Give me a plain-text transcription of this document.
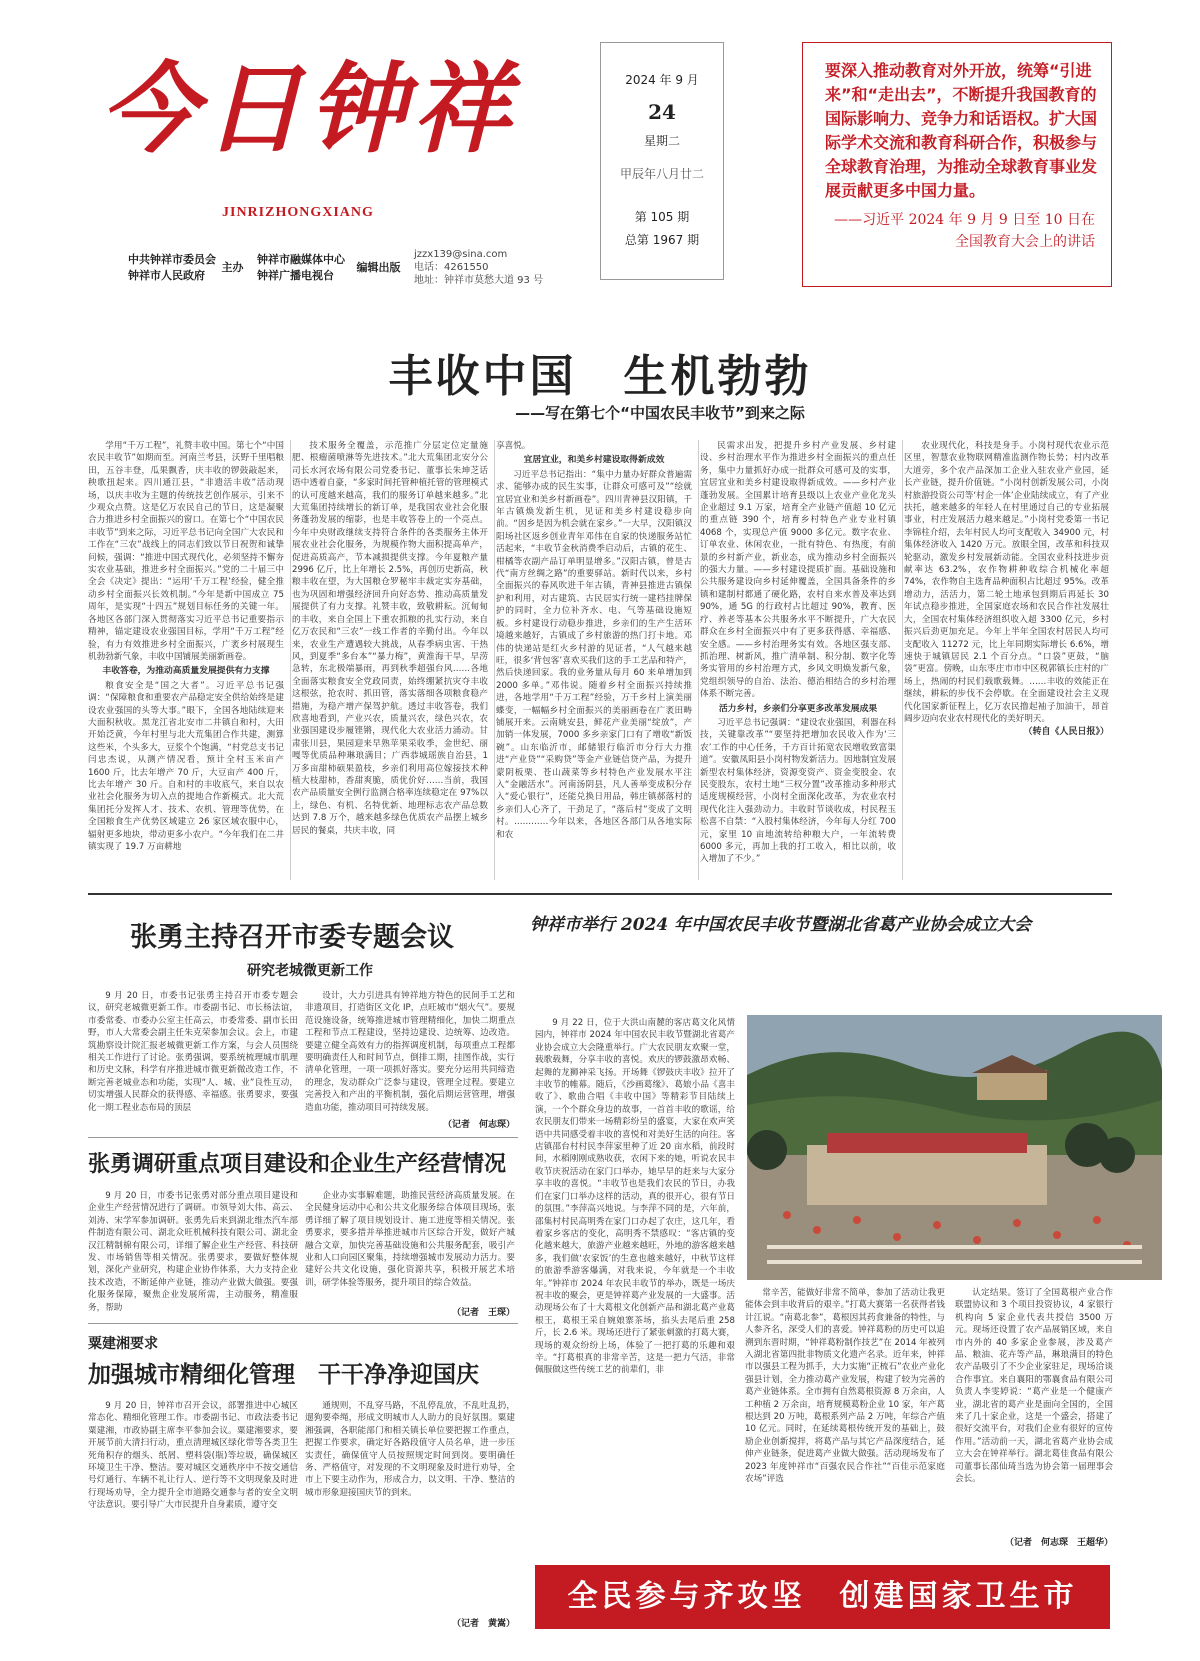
今日钟祥
JINRIZHONGXIANG
中共钟祥市委员会
钟祥市人民政府
主办
钟祥市融媒体中心
钟祥广播电视台
编辑出版
jzzx139@sina.com
电话：4261550
地址：钟祥市莫愁大道 93 号
2024 年 9 月
24
星期二
甲辰年八月廿二
第 105 期
总第 1967 期
要深入推动教育对外开放，统筹“引进来”和“走出去”，不断提升我国教育的国际影响力、竞争力和话语权。扩大国际学术交流和教育科研合作，积极参与全球教育治理，为推动全球教育事业发展贡献更多中国力量。
——习近平 2024 年 9 月 9 日至 10 日在全国教育大会上的讲话
丰收中国　生机勃勃
——写在第七个“中国农民丰收节”到来之际

学用“千万工程”，礼赞丰收中国。第七个“中国农民丰收节”如期而至。河南兰考县，沃野千里唱粮田，五谷丰登，瓜果飘香，庆丰收的锣鼓敲起来，秧歌扭起来。四川通江县，“非遗活丰收”活动现场，以庆丰收为主题的传统技艺创作展示，引来不少观众点赞。这是亿万农民自己的节日，这是凝聚合力推进乡村全面振兴的窗口。在第七个“中国农民丰收节”到来之际，习近平总书记向全国广大农民和工作在“三农”战线上的同志们致以节日祝贺和诚挚问候，强调：“推进中国式现代化，必须坚持不懈夯实农业基础，推进乡村全面振兴。”党的二十届三中全会《决定》提出：“运用‘千万工程’经验，健全推动乡村全面振兴长效机制。”今年是新中国成立 75 周年，是实现“十四五”规划目标任务的关键一年。各地区各部门深入贯彻落实习近平总书记重要指示精神，锚定建设农业强国目标，学用“千万工程”经验，有力有效推进乡村全面振兴，广袤乡村展现生机勃勃新气象，丰收中国铺展美丽新画卷。

丰收答卷，为推动高质量发展提供有力支撑

粮食安全是“国之大者”。习近平总书记强调：“保障粮食和重要农产品稳定安全供给始终是建设农业强国的头等大事。”眼下，全国各地陆续迎来大面积秋收。黑龙江省北安市二井镇自和村，大田开始泛黄，今年村里与北大荒集团合作共建，测算这些米，个头多大，豆浆个个饱满，“村党总支书记闫忠杰说，从测产情况看，预计全村玉米亩产 1600 斤，比去年增产 70 斤，大豆亩产 400 斤，比去年增产 30 斤。自和村的丰收底气，来自以农业社会化服务为切入点的提地合作新模式。北大荒集团托分发挥人才、技术、农机、管理等优势，在全国粮食生产优势区域建立 26 家区域农服中心，辐射更多地块，带动更多小农户。“今年我们在二井镇实现了 19.7 万亩耕地

技术服务全覆盖，示范推广分层定位定量施肥、根瘤菌喷淋等先进技术。”北大荒集团北安分公司长水河农场有限公司党委书记、董事长朱坤芝话语中透着自豪，“多家时间托管种植托管的管理模式的认可度越来越高，我们的服务订单越来越多。”北大荒集团持续增长的新订单，是我国农业社会化服务蓬勃发展的缩影，也是丰收答卷上的一个亮点。今年中央财政继续支持符合条件的各类服务主体开展农业社会化服务，为规模作物大面积提高单产，促进高质高产，节本减损提供支撑。今年夏粮产量 2996 亿斤，比上年增长 2.5%，再创历史新高，秋粮丰收在望，为大国粮仓罗秘牢丰裁定实夯基础，也为巩固和增强经济回升向好态势、推动高质量发展提供了有力支撑。礼赞丰收，致敬耕耘。沉甸甸的丰收，来自全国上下重农抓粮的扎实行动，来自亿万农民和“三农”一线工作者的辛勤付出。今年以来，农业生产遭遇较大挑战，从春季病虫害、干热风，到夏季“多台本”“暴力梅”，黄淮海干旱，早涝急转，东北极端暴雨，再到秋季超强台风……各地全面落实粮食安全党政同责，始终绷紧抗灾夺丰收这根弦，抢农时、抓田管，落实落细各项粮食稳产措施，为稳产增产保驾护航。透过丰收答卷，我们欣喜地看到，产业兴农，质量兴农，绿色兴农，农业强国建设步履铿锵，现代化大农业活力涌动。甘肃张川县，果园迎来早熟苹果采收季，金世纪、丽嘎等优质品种琳琅满目；广西恭城瑶族自治县，1 万多亩甜柿硕果盈枝，乡亲们利用高位嫁接技术种植大枝甜柿，香甜爽脆，质优价好……当前，我国农产品质量安全例行监测合格率连续稳定在 97%以上，绿色、有机、名特优新、地理标志农产品总数达到 7.8 万个，越来越多绿色优质农产品摆上城乡居民的餐桌，共庆丰收，同

享喜悦。

宜居宜业，和美乡村建设取得新成效

习近平总书记指出：“集中力量办好群众普遍需求、能够办成的民生实事，让群众可感可及”“绘就宜居宜业和美乡村新画卷”。四川青神县汉阳镇，千年古镇焕发新生机，见证和美乡村建设稳步向前。“因乡是因为机会就在家乡。”一大早，汉阳镇汉阳场社区返乡创业青年邓伟在自家的快递服务站忙活起来，“丰收节金秋消费季启动后，古镇的花生、柑橘等农副产品订单明显增多。”汉阳古镇，曾是古代“南方丝绸之路”的重要驿站。新时代以来，乡村全面振兴的春风吹进千年古镇，青神县推进古镇保护和利用，对古建筑、古民居实行统一建档挂牌保护的同时，全力位补齐水、电、气等基础设施短板。乡村建设行动稳步推进，乡亲们的生产生活环境越来越好，古镇成了乡村旅游的热门打卡地。邓伟的快递站是红火乡村游的见证者，“人气越来越旺，很多‘背包客’喜欢买我们这的手工艺品和特产，然后快递回家。我的业务量从每月 60 来单增加到 2000 多单。”邓伟说。随着乡村全面振兴持续推进，各地学用“千万工程”经验，万千乡村上演美丽蝶变，一幅幅乡村全面振兴的美丽画卷在广袤田畴铺展开来。云南姚安县，鲜花产业美丽“绽放”，产加销一体发展，7000 多乡亲家门口有了增收“新饭碗”。山东临沂市，邮储银行临沂市分行大力推进“产业贷”“采购贷”等金产业链信贷产品，为提升蒙阴板栗、苍山蔬菜等乡村特色产业发展水平注入“金融活水”。河南汤阴县，凡人善举变成积分存入“爱心银行”，还能兑换日用品，韩庄镇郝落村的乡亲们人心齐了，干劲足了，“落后村”变成了文明村。…………今年以来，各地区各部门从各地实际和农

民需求出发，把提升乡村产业发展、乡村建设、乡村治理水平作为推进乡村全面振兴的重点任务，集中力量抓好办成一批群众可感可及的实事，宜居宜业和美乡村建设取得新成效。——乡村产业蓬勃发展。全国累计培育县级以上农业产业化龙头企业超过 9.1 万家，培育全产业链产值超 10 亿元的重点链 390 个，培育乡村特色产业专业村镇 4068 个，实现总产值 9000 多亿元。数字农业、订单农业、休闲农业，一批有特色、有热度，有前景的乡村新产业，新业态，成为推动乡村全面振兴的强大力量。——乡村建设提质扩面。基础设施和公共服务建设向乡村延伸覆盖，全国具备条件的乡镇和建制村都通了硬化路，农村自来水普及率达到 90%，通 5G 的行政村占比超过 90%，教育、医疗、养老等基本公共服务水平不断提升，广大农民群众在乡村全面振兴中有了更多获得感、幸福感、安全感。——乡村治理务实有效。各地区强支部、抓治理、树新风，推广清单制、积分制、数字化等务实管用的乡村治理方式，乡风文明焕发新气象，党组织领导的自治、法治、德治相结合的乡村治理体系不断完善。

活力乡村，乡亲们分享更多改革发展成果

习近平总书记强调：“建设农业强国，利器在科技，关键靠改革”“要坚持把增加农民收入作为‘三农’工作的中心任务，千方百计拓宽农民增收致富渠道”。安徽凤阳县小岗村物发新活力。因地制宜发展新型农村集体经济，资源变资产、资金变股金、农民变股东，农村土地“三权分置”改革推动多种形式适度规模经营，小岗村全面深化改革，为农业农村现代化注入强劲动力。丰收时节谈收成，村民程玉松喜不自禁：“入股村集体经济，今年每人分红 700 元，家里 10 亩地流转给种粮大户，一年流转费 6000 多元，再加上我的打工收入，相比以前，收入增加了不少。”

农业现代化，科技是身手。小岗村现代农业示范区里，智慧农业物联网精准监测作物长势；村内改革大道旁，多个农产品深加工企业入驻农业产业园，延长产业链，提升价值链。“小岗村创新发展公司，小岗村旅游投资公司等‘村企一体’企业陆续成立，有了产业扶托，越来越多的年轻人在村里通过自己的专业拓展事业，村庄发展活力越来越足。”小岗村党委第一书记李锦柱介绍，去年村民人均可支配收入 34900 元，村集体经济收入 1420 万元。放眼全国，改革和科技双轮驱动，激发乡村发展新动能。全国农业科技进步贡献率达 63.2%，农作物耕种收综合机械化率超 74%，农作物自主选育品种面积占比超过 95%。改革增动力，活活力，第二轮土地承包到期后再延长 30 年试点稳步推进，全国家庭农场和农民合作社发展壮大，全国农村集体经济组织收入超 3300 亿元，乡村振兴后劲更加充足。今年上半年全国农村居民人均可支配收入 11272 元，比上年同期实际增长 6.6%，增速快于城镇居民 2.1 个百分点。“口袋”更鼓，“脑袋”更富。傍晚，山东枣庄市市中区税郭镇长庄村的广场上，热闹的村民们载歌载舞。……丰收的效能正在继续，耕耘的步伐不会停歇。在全面建设社会主义现代化国家新征程上，亿万农民撸起袖子加油干，昂首阔步迈向农业农村现代化的美好明天。

（转自《人民日报》）
张勇主持召开市委专题会议
研究老城微更新工作

9 月 20 日，市委书记张勇主持召开市委专题会议，研究老城微更新工作。市委副书记、市长杨法谊，市委常委、市委办公室主任高云，市委常委、副市长田野，市人大常委会副主任朱克荣参加会议。会上，市建筑勘察设计院汇报老城微更新工作方案，与会人员围绕相关工作进行了讨论。张勇强调，要系统梳理城市肌理和历史文脉，科学有序推进城市微更新微改造工作，不断完善老城业态和功能，实现“人、城、业”良性互动，切实增强人民群众的获得感、幸福感。张勇要求，要强化一期工程业态布局的顶层

设计，大力引进具有钟祥地方特色的民间手工艺和非遗项目，打造街区文化 IP，点旺城市“烟火气”。要规范设施设备，统筹推进城市管理精细化，加快二期重点工程和节点工程建设，坚持边建设、边统筹、边改造。要建立健全高效有力的指挥调度机制，每项重点工程都要明确责任人和时间节点，倒排工期，挂图作战，实行清单化管理，一项一项抓好落实。要充分运用共同缔造的理念，发动群众广泛参与建设，管理全过程。要建立完善投入和产出的平衡机制，强化后期运营管理，增强造血功能，推动项目可持续发展。

（记者　何志琛）
张勇调研重点项目建设和企业生产经营情况

9 月 20 日，市委书记张勇对部分重点项目建设和企业生产经营情况进行了调研。市领导刘大伟、高云、刘涛、宋学军参加调研。张勇先后来到湖北维杰汽车部件制造有限公司、湖北众旺机械科技有限公司、湖北金汉江精制棉有限公司，详细了解企业生产经营、科技研发、市场销售等相关情况。张勇要求，要做好整体规划，深化产业研究，构建企业协作体系，大力支持企业技术改造，不断延伸产业链，推动产业做大做强。要强化服务保障，聚焦企业发展所需，主动服务，精准服务，帮助

企业办实事解难题，助推民营经济高质量发展。在全民健身运动中心和公共文化服务综合体项目现场，张勇详细了解了项目规划设计、施工进度等相关情况。张勇要求，要多措并举推进城市片区综合开发，做好产城融合文章，加快完善基础设施和公共服务配套，吸引产业和人口向园区聚集，持续增强城市发展动力活力。要建好公共文化设施，强化资源共享，积极开展艺术培训，研学体验等服务，提升项目的综合效益。

（记者　王琛）
粟建湘要求
加强城市精细化管理　干干净净迎国庆

9 月 20 日，钟祥市召开会议，部署推进中心城区常态化、精细化管理工作。市委副书记、市政法委书记粟建湘，市政协副主席李平参加会议。粟建湘要求，要开展节前大清扫行动，重点清理城区绿化带等各类卫生死角积存的烟头、纸屑、塑料袋(瓶)等垃圾，确保城区环境卫生干净、整洁。要对城区交通秩序中不按交通信号灯通行、车辆不礼让行人、逆行等不文明现象及时进行现场劝导，全力提升全市道路交通参与者的安全文明守法意识。要引导广大市民提升自身素质，遵守交

通规则，不乱穿马路，不乱停乱放，不乱吐乱扔，遛狗要牵绳，形成文明城市人人助力的良好氛围。粟建湘强调，各职能部门和相关镇长单位要把握工作重点，把握工作要求，确定好各路段值守人员名单，进一步压实责任，确保值守人员按照规定时间到岗。要明确任务、严格值守，对发现的不文明现象及时进行劝导，全市上下要主动作为，形成合力，以文明、干净、整洁的城市形象迎接国庆节的到来。

（记者　黄嵩）
钟祥市举行 2024 年中国农民丰收节暨湖北省葛产业协会成立大会

9 月 22 日，位于大洪山南麓的客店葛文化风情园内，钟祥市 2024 年中国农民丰收节暨湖北省葛产业协会成立大会隆重举行。广大农民朋友欢聚一堂，载歌载舞，分享丰收的喜悦。欢庆的锣鼓激昂欢畅、起舞的龙狮神采飞扬。开场舞《锣鼓庆丰收》拉开了丰收节的帷幕。随后，《沙画葛缘》、葛娘小品《喜丰收了》、歌曲合唱《丰收中国》等精彩节目陆续上演，一个个群众身边的故事，一首首丰收的歌谣，给农民朋友们带来一场精彩纷呈的盛宴，大家在欢声笑语中共同感受着丰收的喜悦和对美好生活的向往。客店镇邵台村村民李萍家里种了近 20 亩水稻，前段时间，水稻刚刚成熟收获，农闲下来的她，听说农民丰收节庆祝活动在家门口举办，她早早的赶来与大家分享丰收的喜悦。“丰收节也是我们农民的节日，办我们在家门口举办这样的活动，真的很开心，很有节日的氛围。”李萍高兴地说。与李萍不同的是，六年前，邵集村村民高明秀在家门口办起了农庄，这几年，看着家乡客店的变化，高明秀不禁感叹：“客店镇的变化越来越大，旅游产业越来越旺，外地的游客越来越多，我们做‘农家饭’的生意也越来越好，中秋节这样的旅游季游客爆满，对我来说，今年就是一个丰收年。”钟祥市 2024 年农民丰收节的举办，既是一场庆祝丰收的聚会，更是钟祥葛产业发展的一大盛事。活动现场公布了十大葛根文化创新产品和湖北葛产业葛根王，葛根王采自婉娘寨茶场，掐头去尾后重 258 斤，长 2.6 米。现场还进行了紧张刺激的打葛大赛，现场的观众纷纷上场，体验了一把打葛的乐趣和艰辛。“打葛根真的非常辛苦，这是一把力气活，非常佩服做这些传统工艺的前辈们，非

常辛苦，能做好非常不简单，参加了活动让我更能体会到丰收背后的艰辛。”打葛大赛第一名获得者钱计江说。“南葛北参”，葛根因其药食兼备的特性，与人参齐名，深受人们的喜爱。钟祥葛粉的历史可以追溯到东晋时期，“钟祥葛粉制作技艺”在 2014 年被列入湖北省第四批非物质文化遗产名录。近年来，钟祥市以强县工程为抓手，大力实施“正梳石”农业产业化强县计划，全力推动葛产业发展，构建了较为完善的葛产业链体系。全市拥有自然葛根资源 8 万余亩，人工种植 2 万余亩，培育规模葛粉企业 10 家，年产葛根达到 20 万吨，葛根系列产品 2 万吨，年综合产值 10 亿元。同时，在延续葛根传统开发的基础上，鼓励企业创新搅拌，将葛产品与其它产品深度结合，延伸产业链条，促进葛产业做大做强。活动现场发布了 2023 年度钟祥市“百强农民合作社”“百佳示范家庭农场”评选

认定结果。签订了全国葛根产业合作联盟协议和 3 个项目投资协议，4 家银行机构向 5 家企业代表共授信 3500 万元。现场还设置了农产品展销区域，来自市内外的 40 多家企业参展，涉及葛产品、粮油、花卉等产品，琳琅满目的特色农产品吸引了不少企业家驻足，现场洽谈合作事宜。来自襄阳的鄂襄食品有限公司负责人李雯婷说：“葛产业是一个健康产业，湖北省的葛产业是面向全国的，全国来了几十家企业，这是一个盛会，搭建了很好交流平台，对我们企业有很好的宣传作用。”活动前一天，湖北省葛产业协会成立大会在钟祥举行。湖北葛佳食品有限公司董事长邵仙琦当选为协会第一届理事会会长。

（记者　何志琛　王超华）
全民参与齐攻坚　创建国家卫生市
